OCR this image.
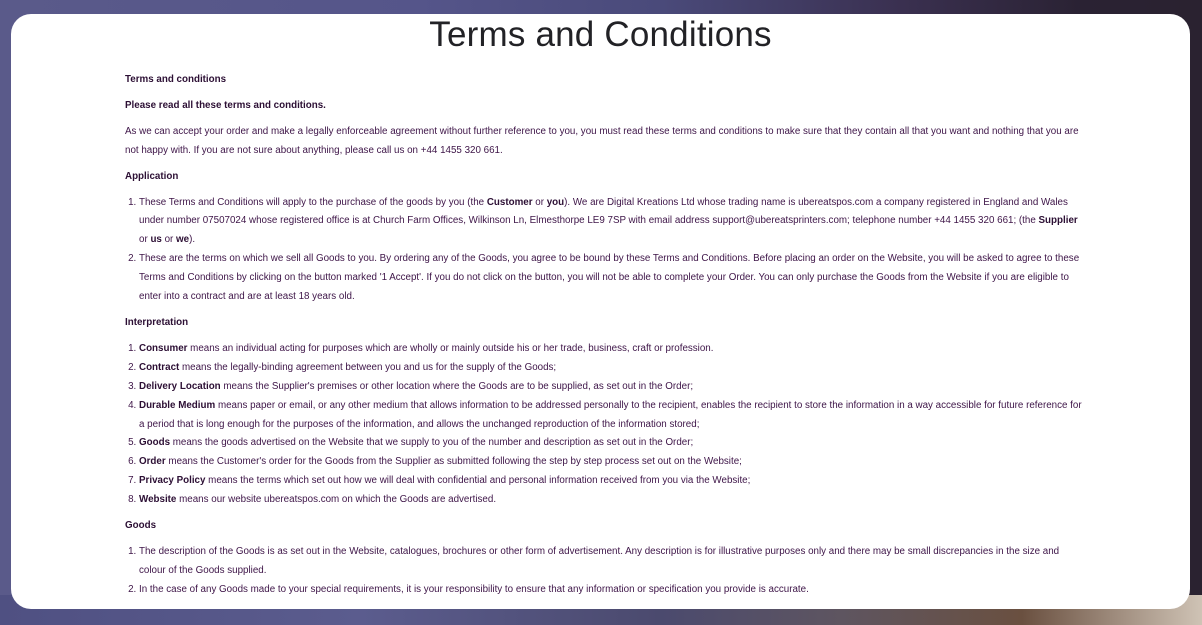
Terms and Conditions

Terms and conditions

Please read all these terms and conditions.

As we can accept your order and make a legally enforceable agreement without further reference to you, you must read these terms and conditions to make sure that they contain all that you want and nothing that you are not happy with. If you are not sure about anything, please call us on +44 1455 320 661.

Application

1. These Terms and Conditions will apply to the purchase of the goods by you (the Customer or you). We are Digital Kreations Ltd whose trading name is ubereatspos.com a company registered in England and Wales under number 07507024 whose registered office is at Church Farm Offices, Wilkinson Ln, Elmesthorpe LE9 7SP with email address support@ubereatsprinters.com; telephone number +44 1455 320 661; (the Supplier or us or we).
2. These are the terms on which we sell all Goods to you. By ordering any of the Goods, you agree to be bound by these Terms and Conditions. Before placing an order on the Website, you will be asked to agree to these Terms and Conditions by clicking on the button marked '1 Accept'. If you do not click on the button, you will not be able to complete your Order. You can only purchase the Goods from the Website if you are eligible to enter into a contract and are at least 18 years old.

Interpretation

1. Consumer means an individual acting for purposes which are wholly or mainly outside his or her trade, business, craft or profession.
2. Contract means the legally-binding agreement between you and us for the supply of the Goods;
3. Delivery Location means the Supplier's premises or other location where the Goods are to be supplied, as set out in the Order;
4. Durable Medium means paper or email, or any other medium that allows information to be addressed personally to the recipient, enables the recipient to store the information in a way accessible for future reference for a period that is long enough for the purposes of the information, and allows the unchanged reproduction of the information stored;
5. Goods means the goods advertised on the Website that we supply to you of the number and description as set out in the Order;
6. Order means the Customer's order for the Goods from the Supplier as submitted following the step by step process set out on the Website;
7. Privacy Policy means the terms which set out how we will deal with confidential and personal information received from you via the Website;
8. Website means our website ubereatspos.com on which the Goods are advertised.

Goods

1. The description of the Goods is as set out in the Website, catalogues, brochures or other form of advertisement. Any description is for illustrative purposes only and there may be small discrepancies in the size and colour of the Goods supplied.
2. In the case of any Goods made to your special requirements, it is your responsibility to ensure that any information or specification you provide is accurate.
